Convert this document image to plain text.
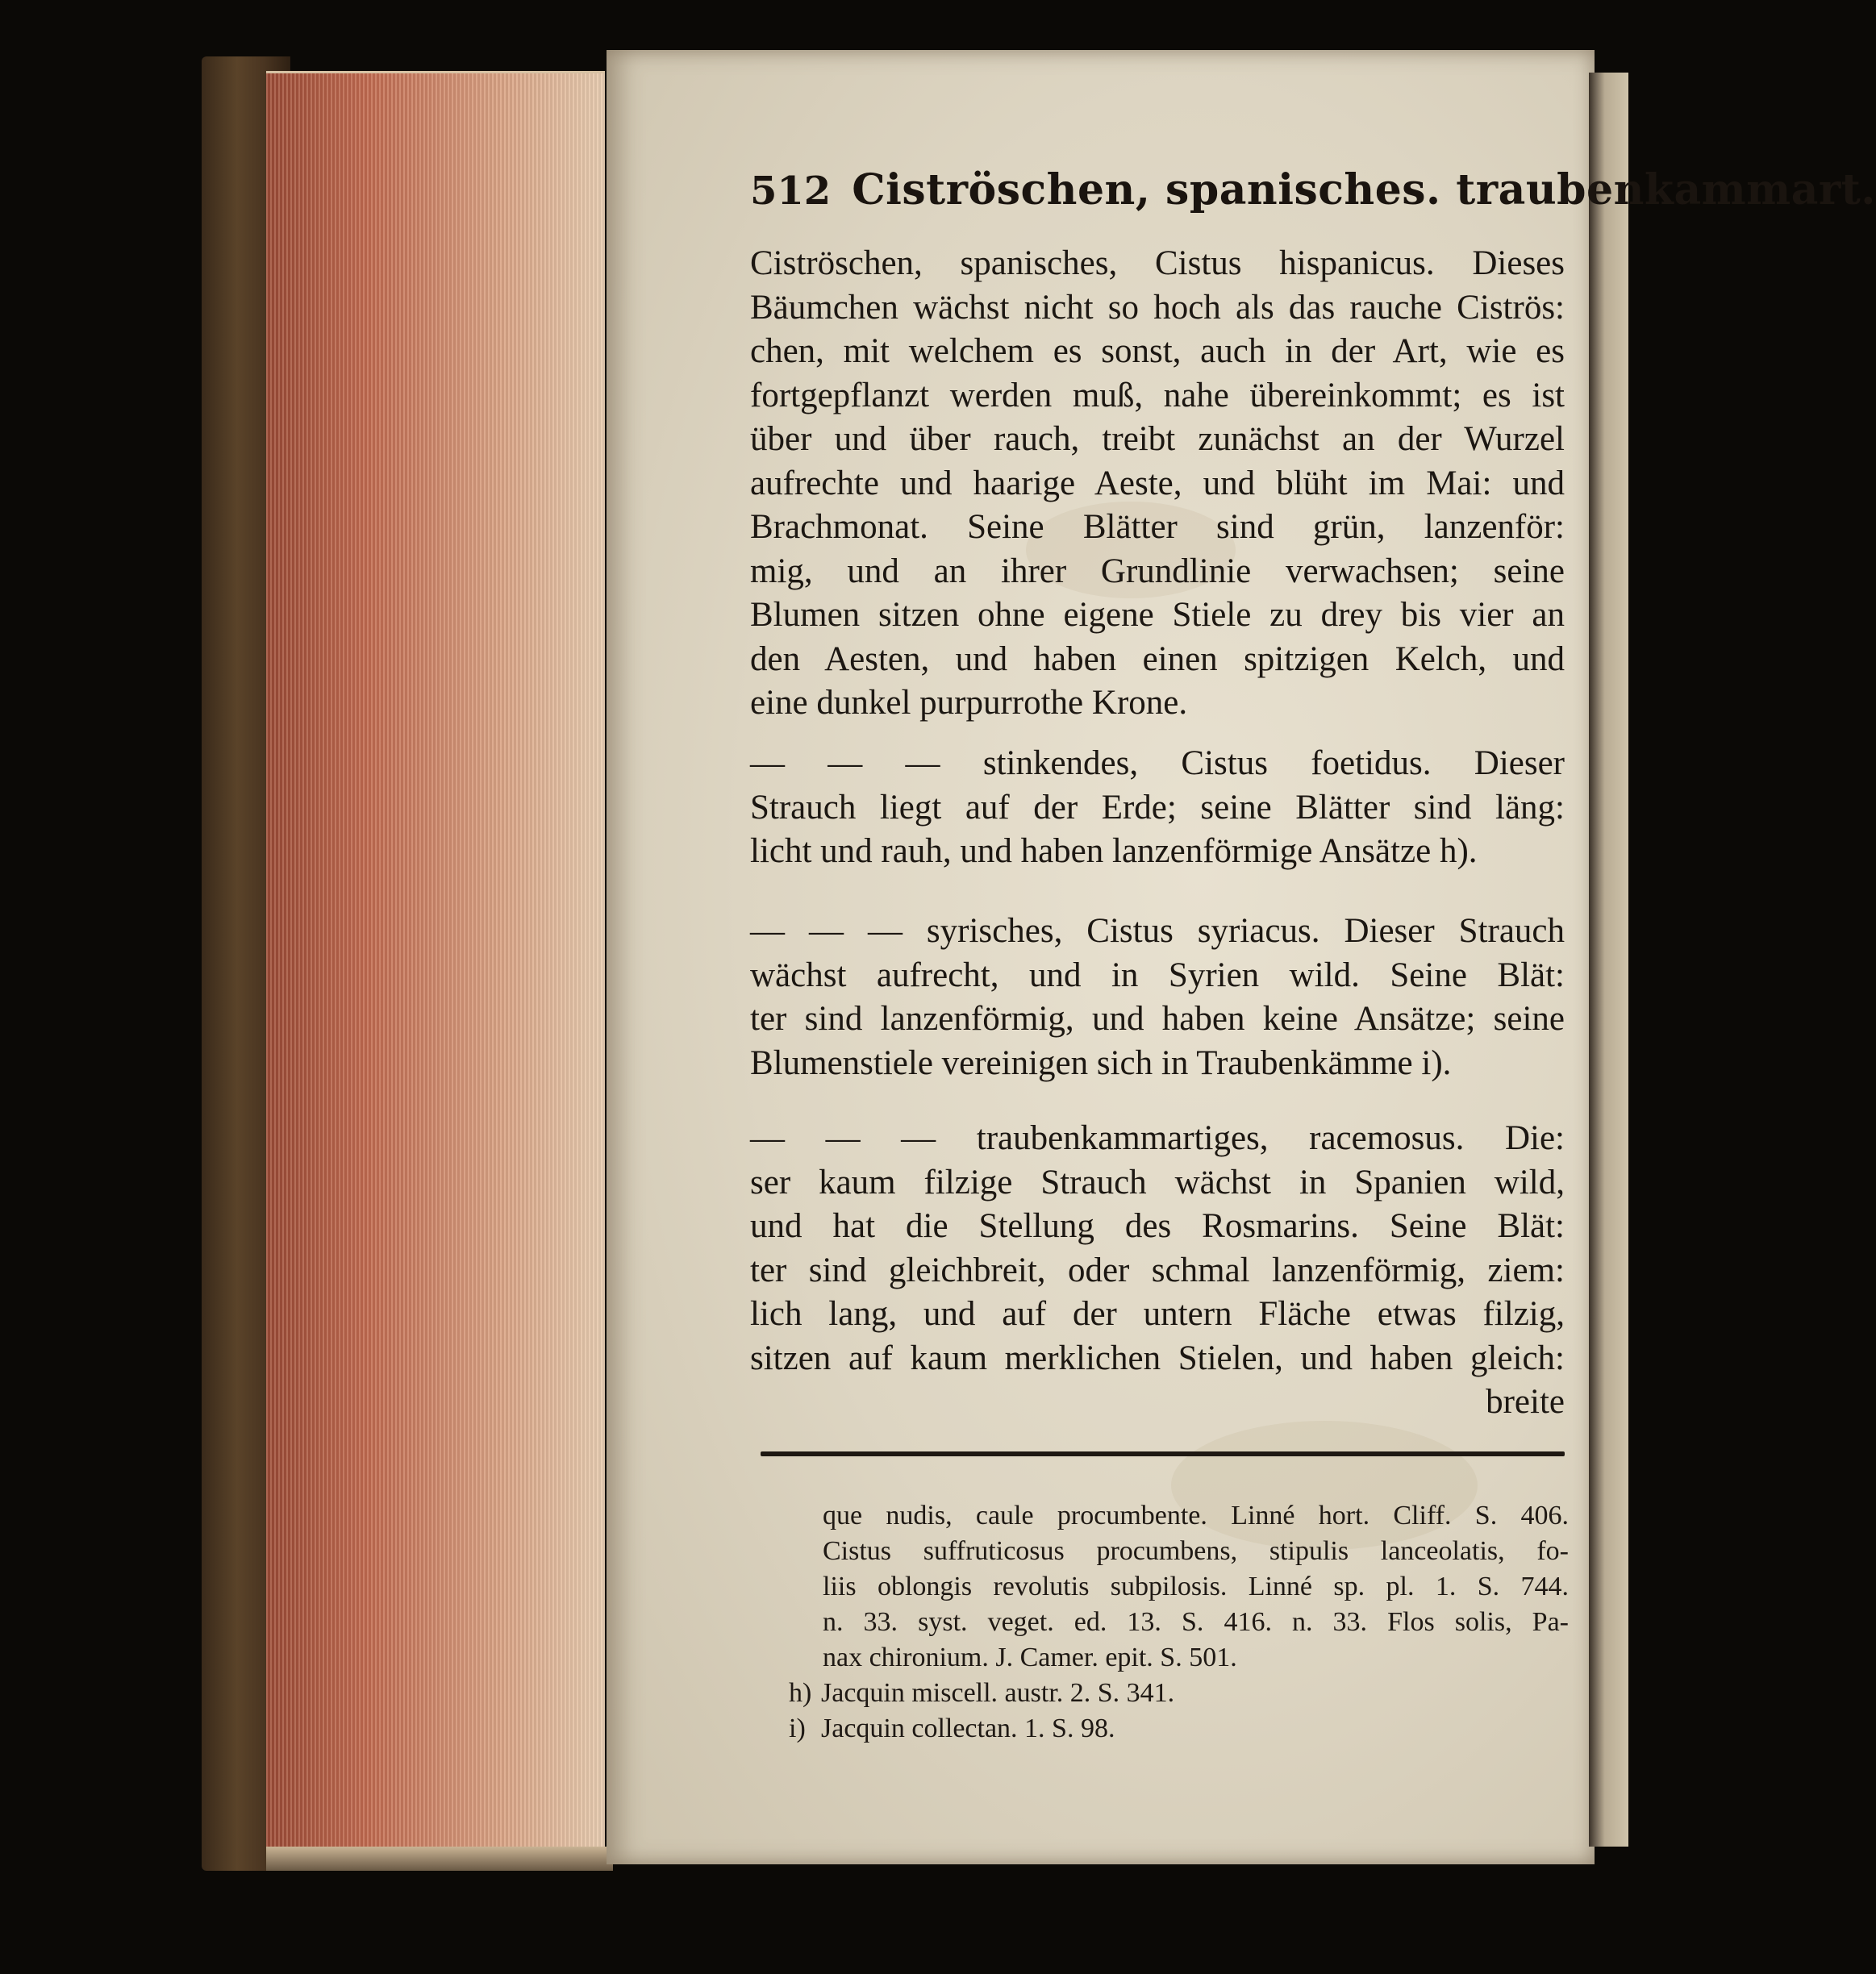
512 Ciströschen, spanisches. traubenkammart.
Ciströschen, spanisches, Cistus hispanicus. Dieses
Bäumchen wächst nicht so hoch als das rauche Ciströs:
chen, mit welchem es sonst, auch in der Art, wie es
fortgepflanzt werden muß, nahe übereinkommt; es ist
über und über rauch, treibt zunächst an der Wurzel
aufrechte und haarige Aeste, und blüht im Mai: und
Brachmonat. Seine Blätter sind grün, lanzenför:
mig, und an ihrer Grundlinie verwachsen; seine
Blumen sitzen ohne eigene Stiele zu drey bis vier an
den Aesten, und haben einen spitzigen Kelch, und
eine dunkel purpurrothe Krone.
— — — stinkendes, Cistus foetidus. Dieser
Strauch liegt auf der Erde; seine Blätter sind läng:
licht und rauh, und haben lanzenförmige Ansätze h).
— — — syrisches, Cistus syriacus. Dieser Strauch
wächst aufrecht, und in Syrien wild. Seine Blät:
ter sind lanzenförmig, und haben keine Ansätze; seine
Blumenstiele vereinigen sich in Traubenkämme i).
— — — traubenkammartiges, racemosus. Die:
ser kaum filzige Strauch wächst in Spanien wild,
und hat die Stellung des Rosmarins. Seine Blät:
ter sind gleichbreit, oder schmal lanzenförmig, ziem:
lich lang, und auf der untern Fläche etwas filzig,
sitzen auf kaum merklichen Stielen, und haben gleich:
breite
que nudis, caule procumbente. Linné hort. Cliff. S. 406.
Cistus suffruticosus procumbens, stipulis lanceolatis, fo-
liis oblongis revolutis subpilosis. Linné sp. pl. 1. S. 744.
n. 33. syst. veget. ed. 13. S. 416. n. 33. Flos solis, Pa-
nax chironium. J. Camer. epit. S. 501.
h) Jacquin miscell. austr. 2. S. 341.
i) Jacquin collectan. 1. S. 98.
